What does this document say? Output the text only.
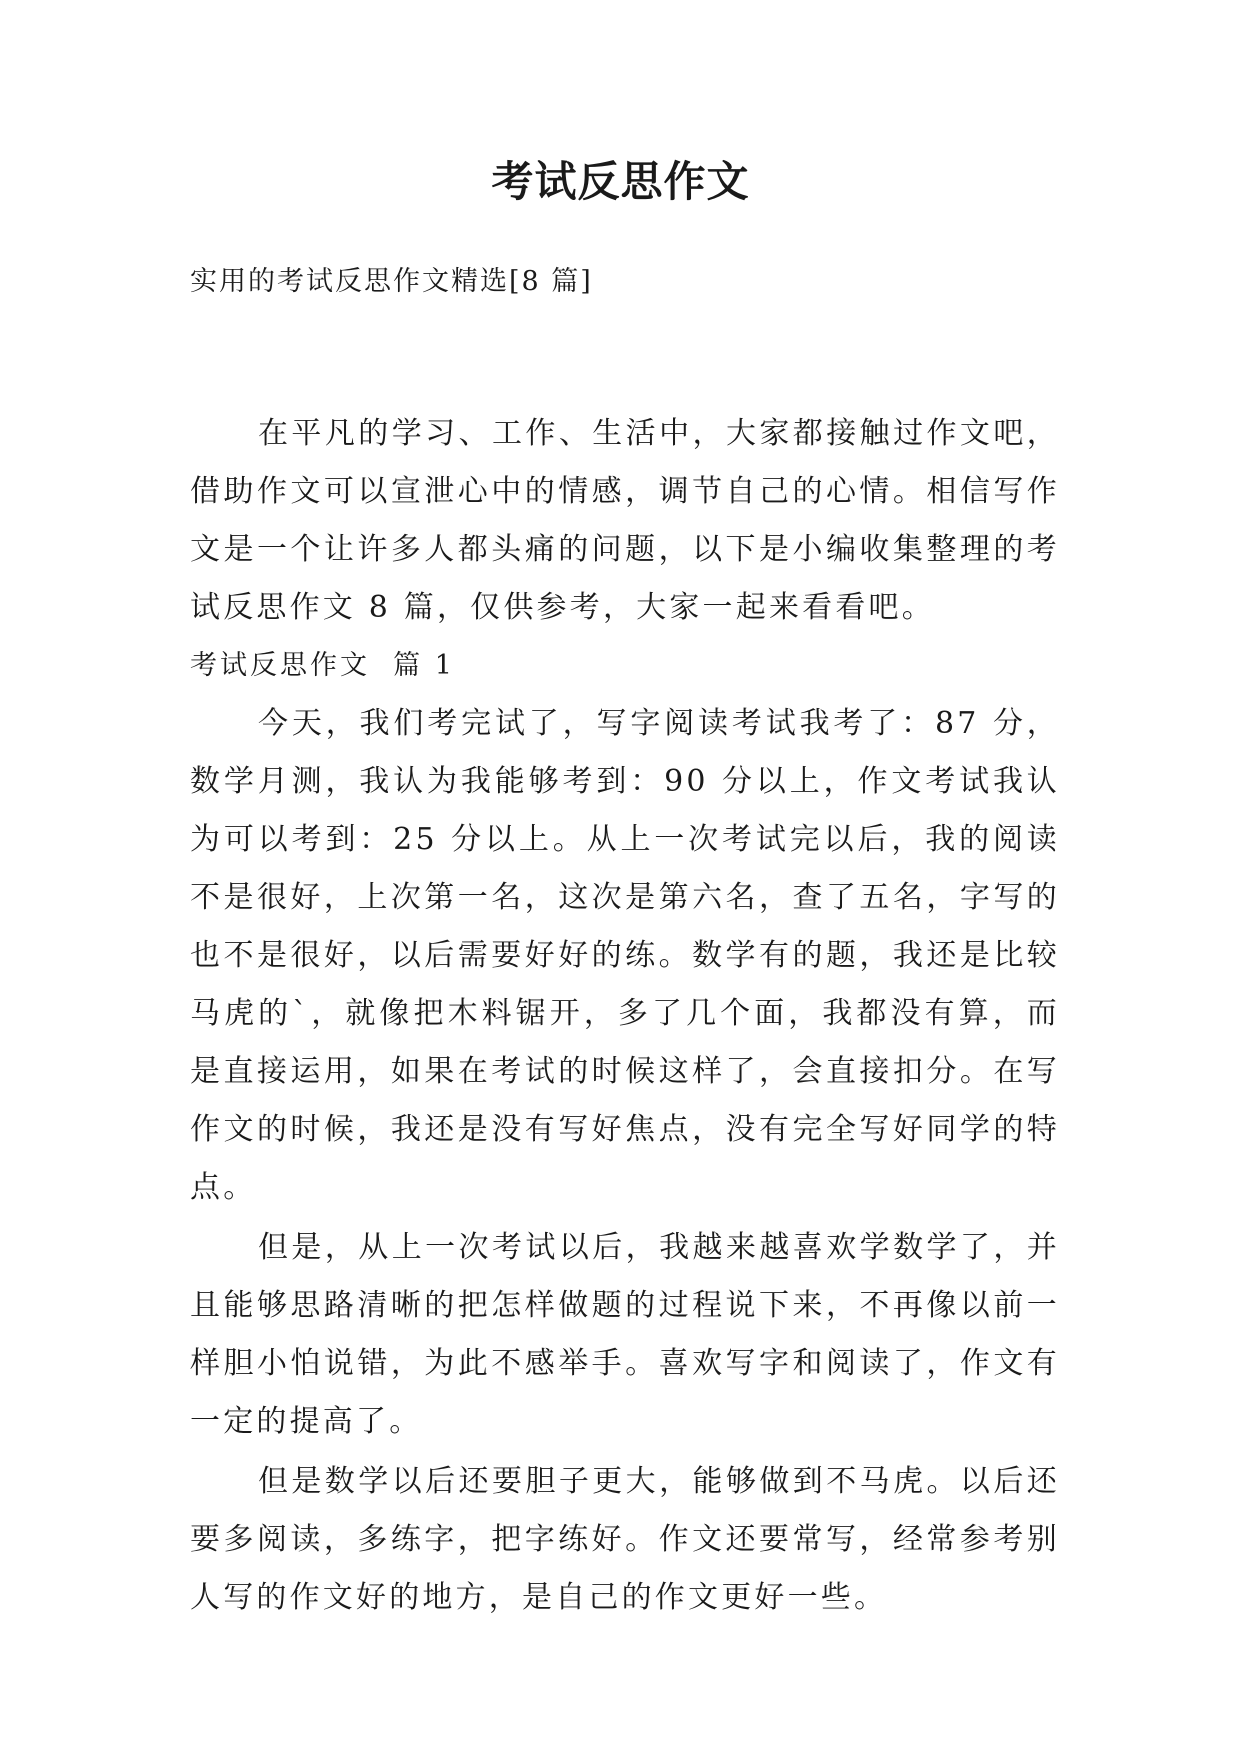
考试反思作文

实用的考试反思作文精选[8 篇]

在平凡的学习、工作、生活中，大家都接触过作文吧，借助作文可以宣泄心中的情感，调节自己的心情。相信写作文是一个让许多人都头痛的问题，以下是小编收集整理的考试反思作文 8 篇，仅供参考，大家一起来看看吧。

考试反思作文  篇 1

今天，我们考完试了，写字阅读考试我考了：87 分，数学月测，我认为我能够考到：90 分以上，作文考试我认为可以考到：25 分以上。从上一次考试完以后，我的阅读不是很好，上次第一名，这次是第六名，查了五名，字写的也不是很好，以后需要好好的练。数学有的题，我还是比较马虎的`，就像把木料锯开，多了几个面，我都没有算，而是直接运用，如果在考试的时候这样了，会直接扣分。在写作文的时候，我还是没有写好焦点，没有完全写好同学的特点。

但是，从上一次考试以后，我越来越喜欢学数学了，并且能够思路清晰的把怎样做题的过程说下来，不再像以前一样胆小怕说错，为此不感举手。喜欢写字和阅读了，作文有一定的提高了。

但是数学以后还要胆子更大，能够做到不马虎。以后还要多阅读，多练字，把字练好。作文还要常写，经常参考别人写的作文好的地方，是自己的作文更好一些。
